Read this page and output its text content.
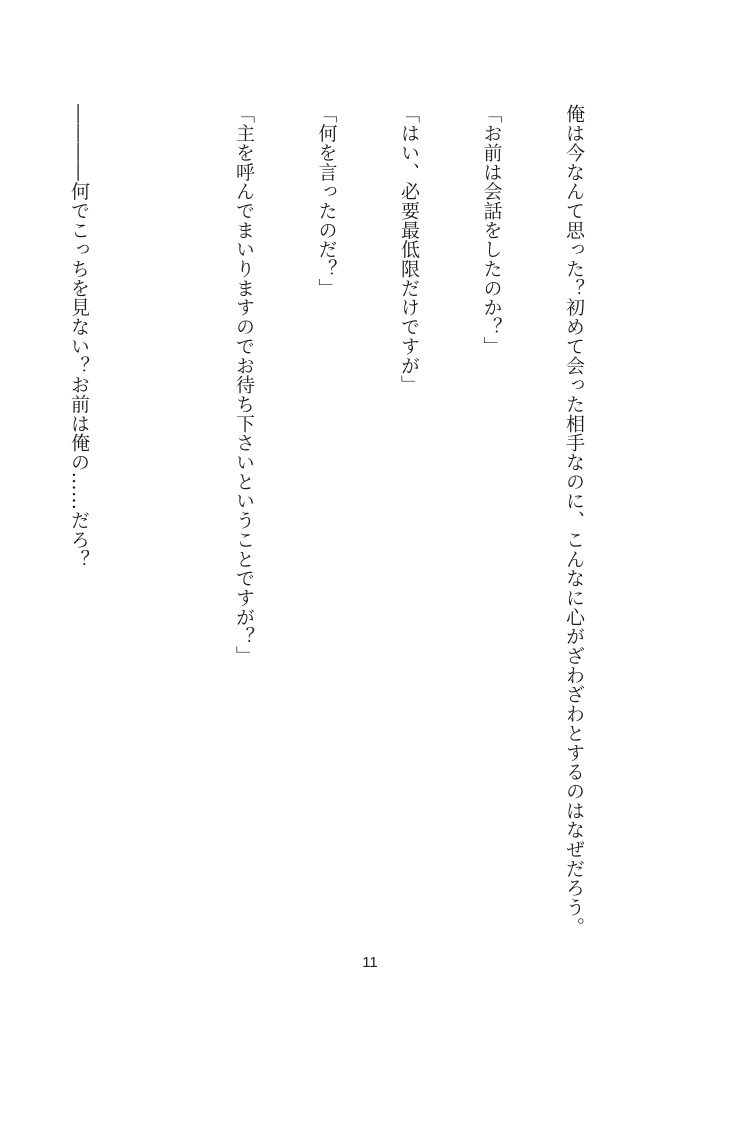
俺は今なんて思った？初めて会った相手なのに、こんなに心がざわざわとするのはなぜだろう。

「お前は会話をしたのか？」

「はい、必要最低限だけですが」

「何を言ったのだ？」

「主を呼んでまいりますのでお待ち下さいということですが？」

――――何でこっちを見ない？お前は俺の……だろ？

11
